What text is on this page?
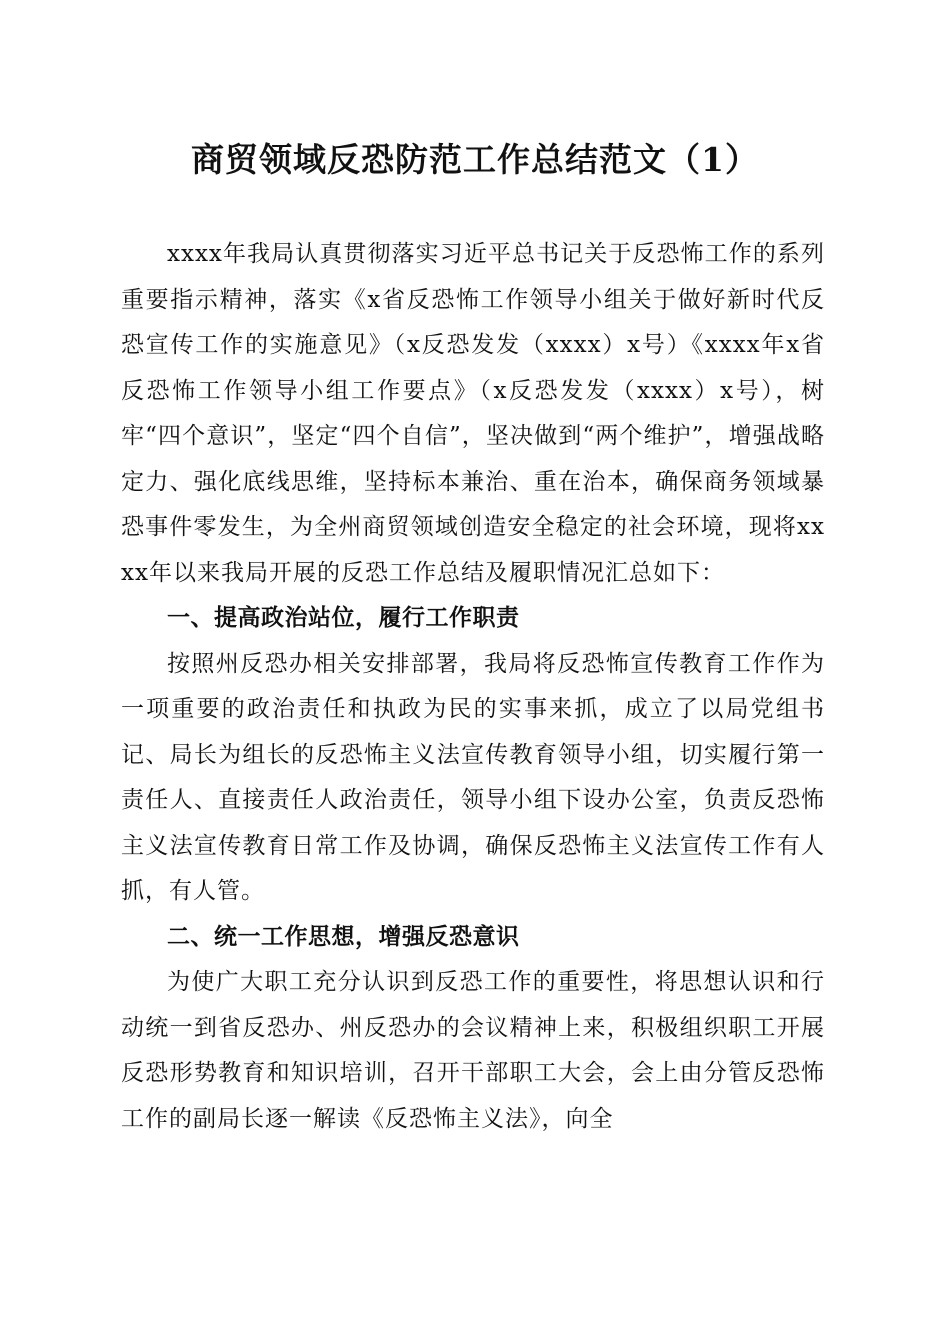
商贸领域反恐防范工作总结范文（1）

xxxx年我局认真贯彻落实习近平总书记关于反恐怖工作的系列重要指示精神，落实《x省反恐怖工作领导小组关于做好新时代反恐宣传工作的实施意见》（x反恐发发（xxxx）x号）《xxxx年x省反恐怖工作领导小组工作要点》（x反恐发发（xxxx）x号），树牢“四个意识”，坚定“四个自信”，坚决做到“两个维护”，增强战略定力、强化底线思维，坚持标本兼治、重在治本，确保商务领域暴恐事件零发生，为全州商贸领域创造安全稳定的社会环境，现将xxxx年以来我局开展的反恐工作总结及履职情况汇总如下：

一、提高政治站位，履行工作职责

按照州反恐办相关安排部署，我局将反恐怖宣传教育工作作为一项重要的政治责任和执政为民的实事来抓，成立了以局党组书记、局长为组长的反恐怖主义法宣传教育领导小组，切实履行第一责任人、直接责任人政治责任，领导小组下设办公室，负责反恐怖主义法宣传教育日常工作及协调，确保反恐怖主义法宣传工作有人抓，有人管。

二、统一工作思想，增强反恐意识

为使广大职工充分认识到反恐工作的重要性，将思想认识和行动统一到省反恐办、州反恐办的会议精神上来，积极组织职工开展反恐形势教育和知识培训，召开干部职工大会，会上由分管反恐怖工作的副局长逐一解读《反恐怖主义法》，向全
